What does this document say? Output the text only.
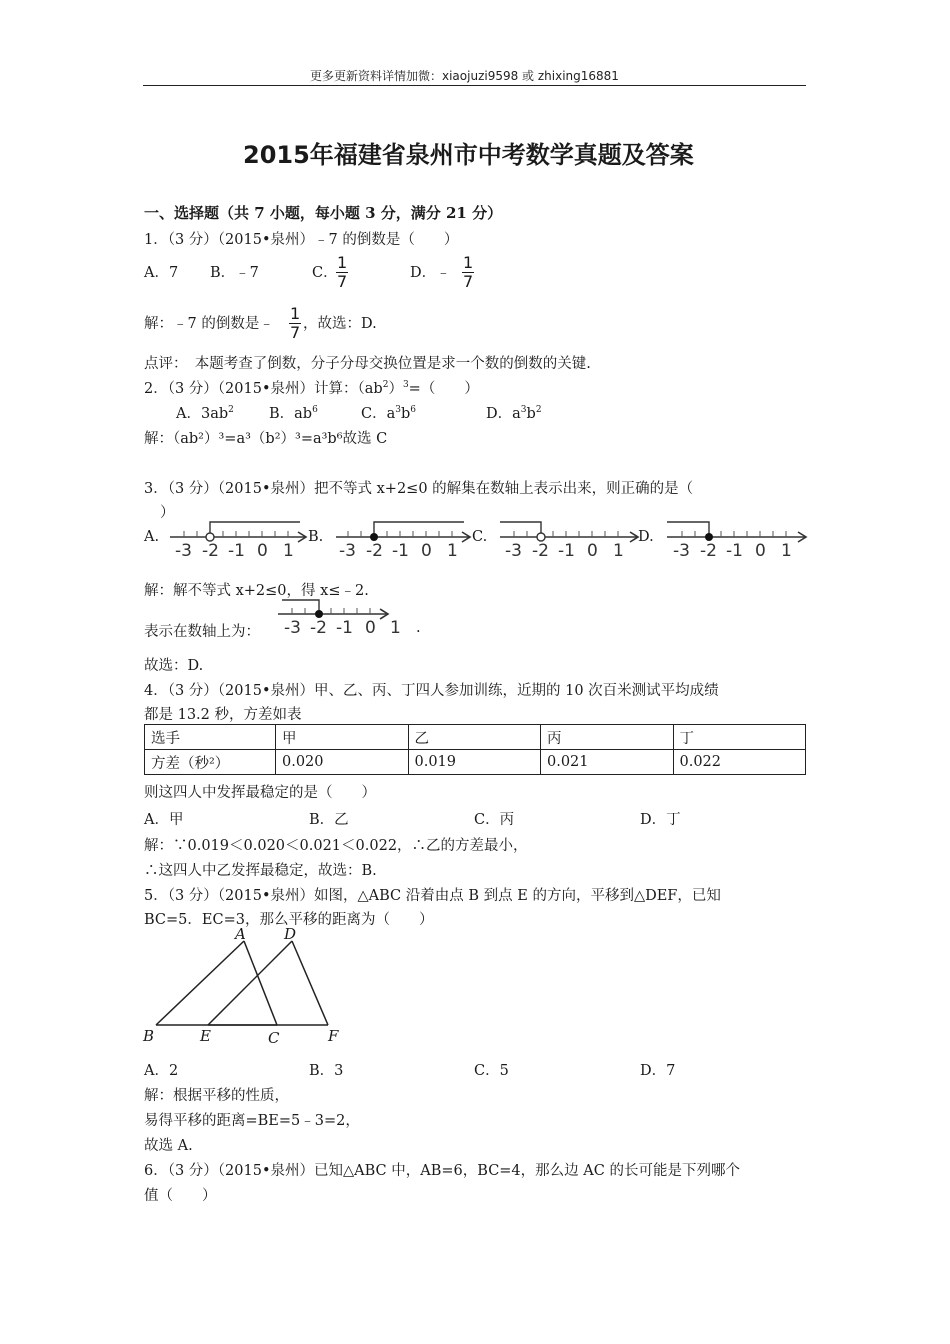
更多更新资料详情加微：xiaojuzi9598 或 zhixing16881
2015年福建省泉州市中考数学真题及答案
一、选择题（共 7 小题，每小题 3 分，满分 21 分）
1．（3 分）（2015•泉州）﹣7 的倒数是（　　）
A．7 B．﹣7	C．
$\frac{1}{7}$	D．﹣ $\frac{1}{7}$
解：﹣7 的倒数是﹣ $\frac{1}{7}$ ，故选：D.
点评：　本题考查了倒数，分子分母交换位置是求一个数的倒数的关键.
2．（3 分）（2015•泉州）计算：$(ab^2)^3=$（　　）
A．$3ab^2$ B．$ab^6$	C．$a^3b^6$	D．$a^3b^2$
解：（ab²）³=a³（b²）³=a³b⁶故选 C
3．（3 分）（2015•泉州）把不等式 x+2≤0 的解集在数轴上表示出来，则正确的是（
）
A.	B.	C.	D.
-3 -2 -1 0 1	-3 -2 -1 0 1	-3 -2 -1 0 1	-3 -2 -1 0 1
-3 -2 -1 0 1
解：解不等式 x+2≤0，得 x≤﹣2.
表示在数轴上为：	.
故选：D.
4．（3 分）（2015•泉州）甲、乙、丙、丁四人参加训练，近期的 10 次百米测试平均成绩
都是 13.2 秒，方差如表
选手	甲	乙	丙	丁
方差（秒²）	0.020	0.019	0.021	0.022
则这四人中发挥最稳定的是（　　）
A．甲	B．乙	C．丙	D．丁
解：∵0.019＜0.020＜0.021＜0.022，∴乙的方差最小，
∴这四人中乙发挥最稳定，故选：B.
5．（3 分）（2015•泉州）如图，△ABC 沿着由点 B 到点 E 的方向，平移到△DEF，已知
BC=5．EC=3，那么平移的距离为（　　）
A	D
B	E	C	F
A．2	B．3	C．5	D．7
解：根据平移的性质，
易得平移的距离=BE=5﹣3=2，
故选 A.
6．（3 分）（2015•泉州）已知△ABC 中，AB=6，BC=4，那么边 AC 的长可能是下列哪个
值（　　）
